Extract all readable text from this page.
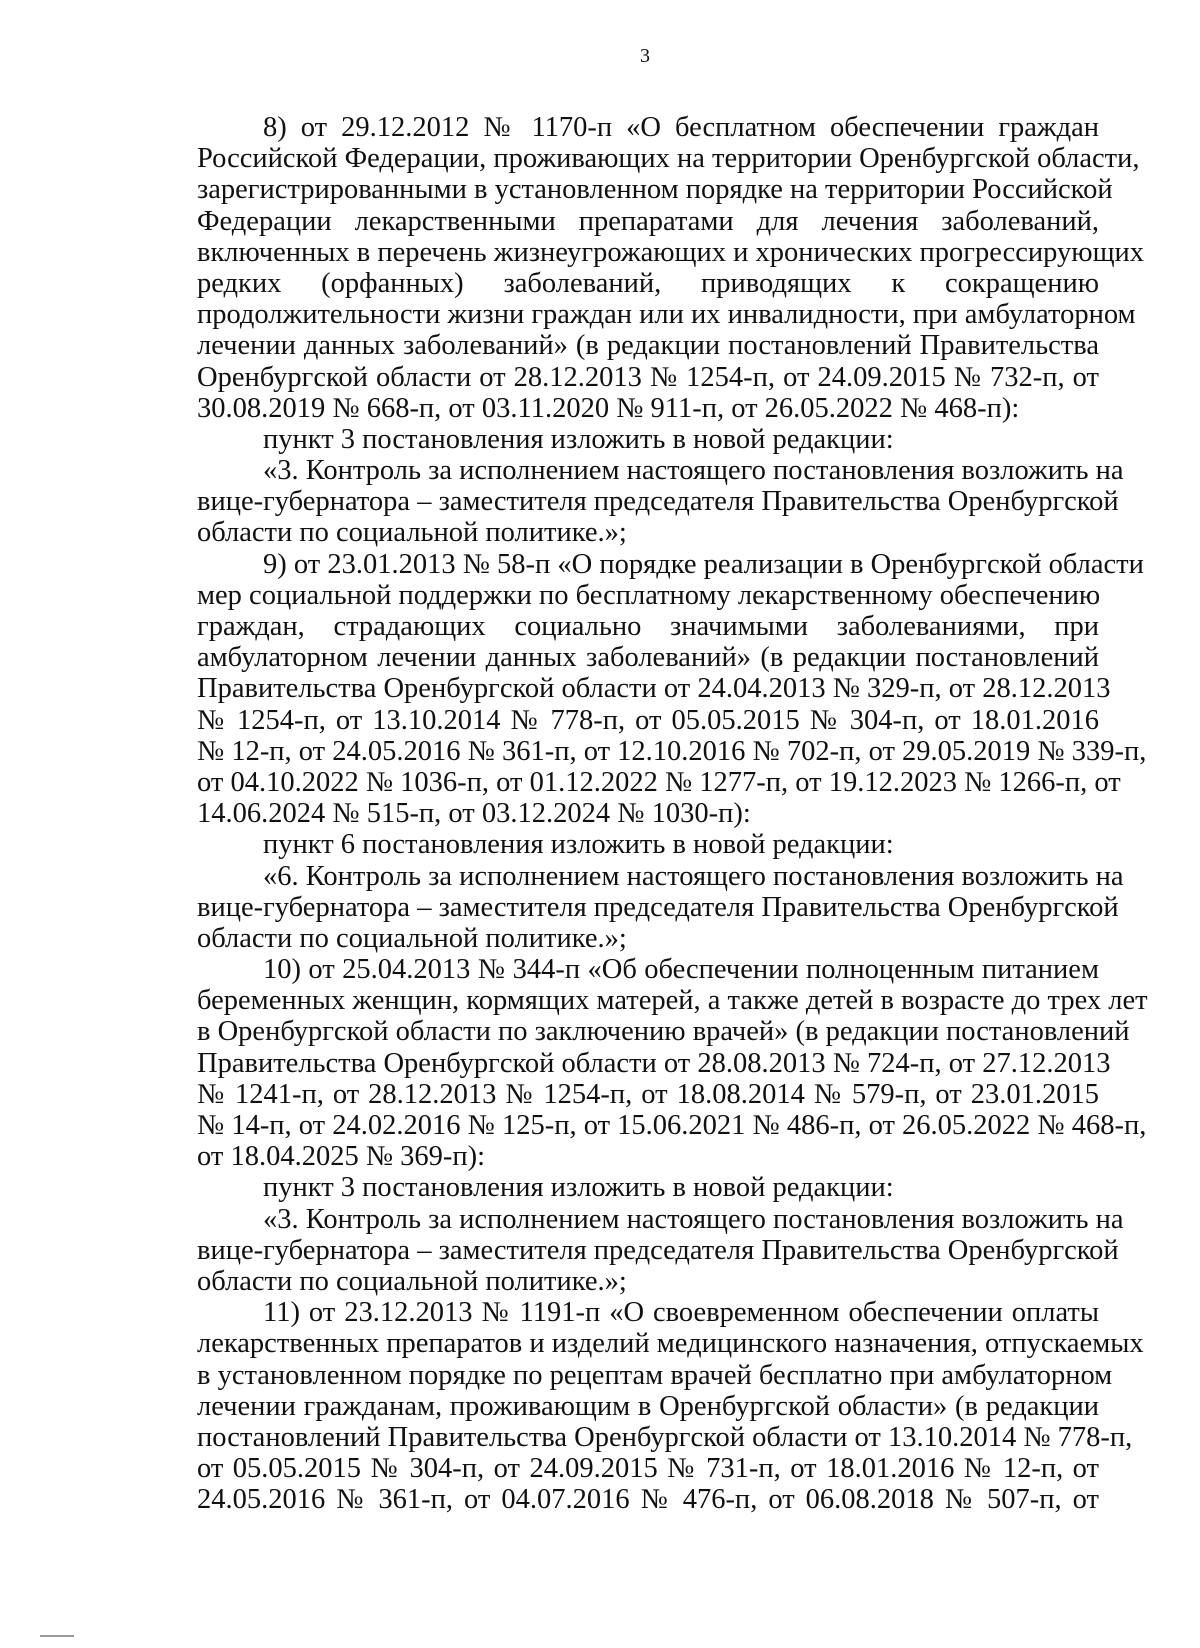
3
8) от 29.12.2012 № 1170-п «О бесплатном обеспечении граждан
Российской Федерации, проживающих на территории Оренбургской области,
зарегистрированными в установленном порядке на территории Российской
Федерации лекарственными препаратами для лечения заболеваний,
включенных в перечень жизнеугрожающих и хронических прогрессирующих
редких (орфанных) заболеваний, приводящих к сокращению
продолжительности жизни граждан или их инвалидности, при амбулаторном
лечении данных заболеваний» (в редакции постановлений Правительства
Оренбургской области от 28.12.2013 № 1254-п, от 24.09.2015 № 732-п, от
30.08.2019 № 668-п, от 03.11.2020 № 911-п, от 26.05.2022 № 468-п):
пункт 3 постановления изложить в новой редакции:
«3. Контроль за исполнением настоящего постановления возложить на
вице-губернатора – заместителя председателя Правительства Оренбургской
области по социальной политике.»;
9) от 23.01.2013 № 58-п «О порядке реализации в Оренбургской области
мер социальной поддержки по бесплатному лекарственному обеспечению
граждан, страдающих социально значимыми заболеваниями, при
амбулаторном лечении данных заболеваний» (в редакции постановлений
Правительства Оренбургской области от 24.04.2013 № 329-п, от 28.12.2013
№ 1254-п, от 13.10.2014 № 778-п, от 05.05.2015 № 304-п, от 18.01.2016
№ 12-п, от 24.05.2016 № 361-п, от 12.10.2016 № 702-п, от 29.05.2019 № 339-п,
от 04.10.2022 № 1036-п, от 01.12.2022 № 1277-п, от 19.12.2023 № 1266-п, от
14.06.2024 № 515-п, от 03.12.2024 № 1030-п):
пункт 6 постановления изложить в новой редакции:
«6. Контроль за исполнением настоящего постановления возложить на
вице-губернатора – заместителя председателя Правительства Оренбургской
области по социальной политике.»;
10) от 25.04.2013 № 344-п «Об обеспечении полноценным питанием
беременных женщин, кормящих матерей, а также детей в возрасте до трех лет
в Оренбургской области по заключению врачей» (в редакции постановлений
Правительства Оренбургской области от 28.08.2013 № 724-п, от 27.12.2013
№ 1241-п, от 28.12.2013 № 1254-п, от 18.08.2014 № 579-п, от 23.01.2015
№ 14-п, от 24.02.2016 № 125-п, от 15.06.2021 № 486-п, от 26.05.2022 № 468-п,
от 18.04.2025 № 369-п):
пункт 3 постановления изложить в новой редакции:
«3. Контроль за исполнением настоящего постановления возложить на
вице-губернатора – заместителя председателя Правительства Оренбургской
области по социальной политике.»;
11) от 23.12.2013 № 1191-п «О своевременном обеспечении оплаты
лекарственных препаратов и изделий медицинского назначения, отпускаемых
в установленном порядке по рецептам врачей бесплатно при амбулаторном
лечении гражданам, проживающим в Оренбургской области» (в редакции
постановлений Правительства Оренбургской области от 13.10.2014 № 778-п,
от 05.05.2015 № 304-п, от 24.09.2015 № 731-п, от 18.01.2016 № 12-п, от
24.05.2016 № 361-п, от 04.07.2016 № 476-п, от 06.08.2018 № 507-п, от
